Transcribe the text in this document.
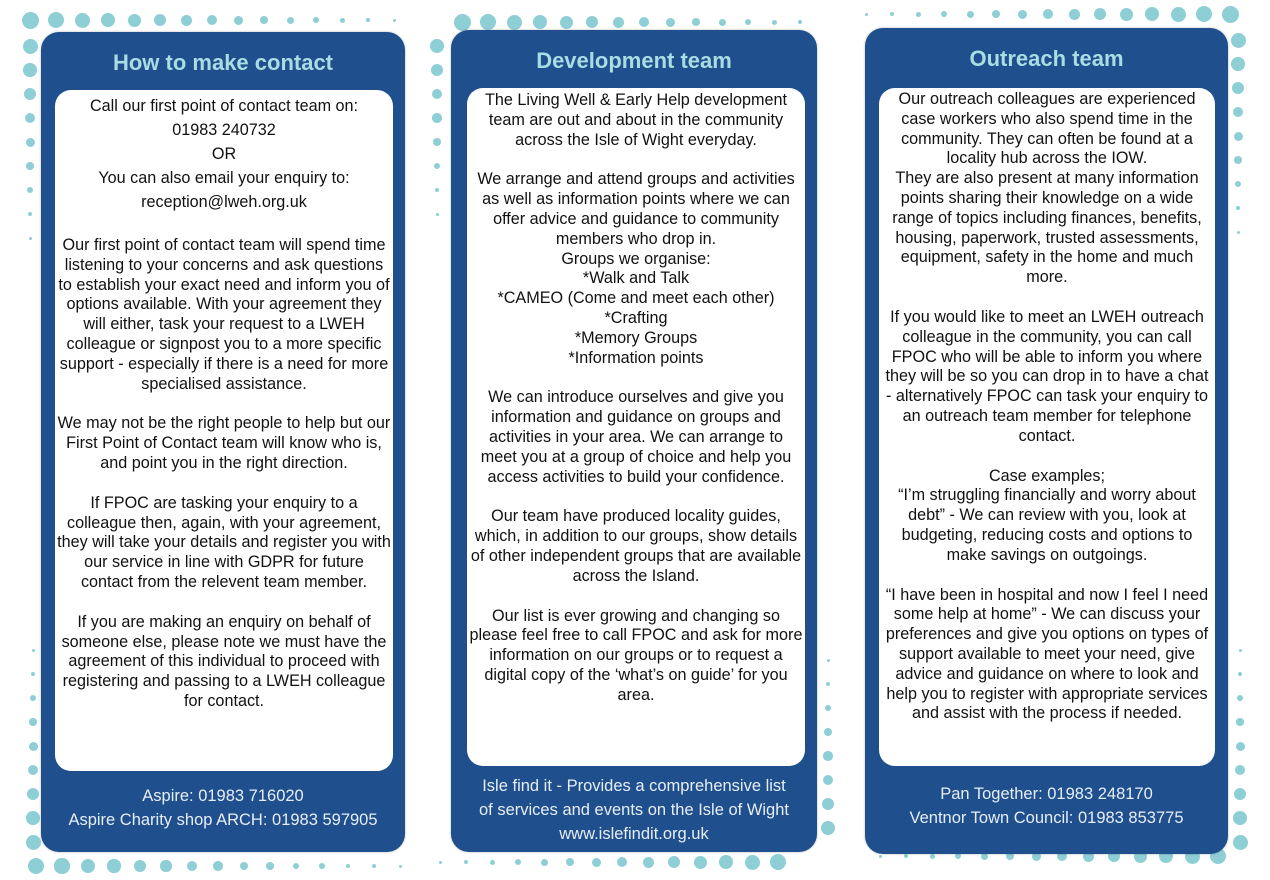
How to make contact

Call our first point of contact team on:
01983 240732
OR
You can also email your enquiry to:
reception@lweh.org.uk

Our first point of contact team will spend time listening to your concerns and ask questions to establish your exact need and inform you of options available. With your agreement they will either, task your request to a LWEH colleague or signpost you to a more specific support - especially if there is a need for more specialised assistance.

We may not be the right people to help but our First Point of Contact team will know who is, and point you in the right direction.

If FPOC are tasking your enquiry to a colleague then, again, with your agreement, they will take your details and register you with our service in line with GDPR for future contact from the relevent team member.

If you are making an enquiry on behalf of someone else, please note we must have the agreement of this individual to proceed with registering and passing to a LWEH colleague for contact.

Aspire: 01983 716020
Aspire Charity shop ARCH: 01983 597905
Development team

The Living Well & Early Help development team are out and about in the community across the Isle of Wight everyday.

We arrange and attend groups and activities as well as information points where we can offer advice and guidance to community members who drop in.
Groups we organise:
*Walk and Talk
*CAMEO (Come and meet each other)
*Crafting
*Memory Groups
*Information points

We can introduce ourselves and give you information and guidance on groups and activities in your area. We can arrange to meet you at a group of choice and help you access activities to build your confidence.

Our team have produced locality guides, which, in addition to our groups, show details of other independent groups that are available across the Island.

Our list is ever growing and changing so please feel free to call FPOC and ask for more information on our groups or to request a digital copy of the ‘what’s on guide’ for you area.

Isle find it - Provides a comprehensive list
of services and events on the Isle of Wight
www.islefindit.org.uk
Outreach team

Our outreach colleagues are experienced case workers who also spend time in the community. They can often be found at a locality hub across the IOW.
They are also present at many information points sharing their knowledge on a wide range of topics including finances, benefits, housing, paperwork, trusted assessments, equipment, safety in the home and much more.

If you would like to meet an LWEH outreach colleague in the community, you can call FPOC who will be able to inform you where they will be so you can drop in to have a chat - alternatively FPOC can task your enquiry to an outreach team member for telephone contact.

Case examples;
“I’m struggling financially and worry about debt” - We can review with you, look at budgeting, reducing costs and options to make savings on outgoings.

“I have been in hospital and now I feel I need some help at home” - We can discuss your preferences and give you options on types of support available to meet your need, give advice and guidance on where to look and help you to register with appropriate services and assist with the process if needed.

Pan Together: 01983 248170
Ventnor Town Council: 01983 853775
